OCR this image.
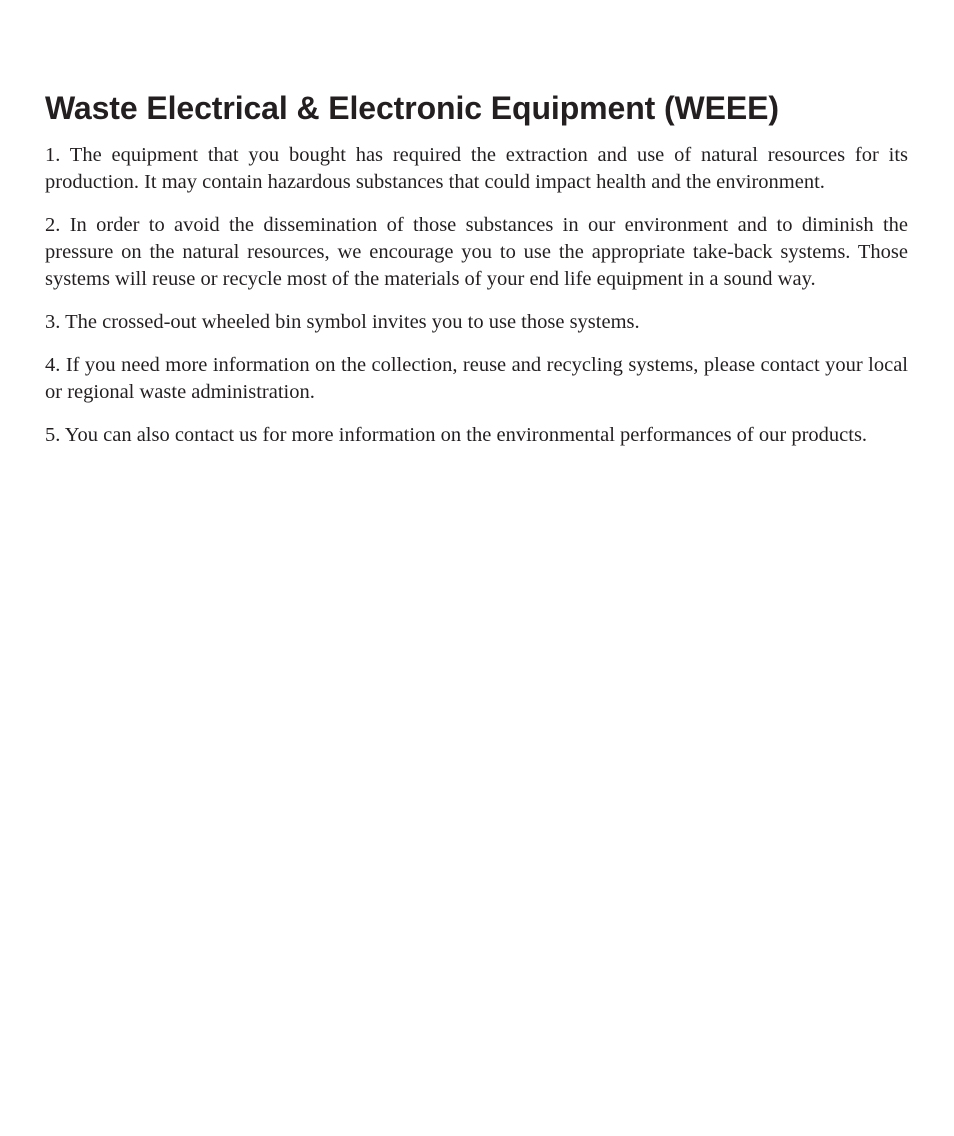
Waste Electrical & Electronic Equipment (WEEE)

1. The equipment that you bought has required the extraction and use of natural resources for its production. It may contain hazardous substances that could impact health and the environment.

2. In order to avoid the dissemination of those substances in our environment and to diminish the pressure on the natural resources, we encourage you to use the appropriate take-back systems. Those systems will reuse or recycle most of the materials of your end life equipment in a sound way.

3. The crossed-out wheeled bin symbol invites you to use those systems.

4. If you need more information on the collection, reuse and recycling systems, please contact your local or regional waste administration.

5. You can also contact us for more information on the environmental performances of our products.
